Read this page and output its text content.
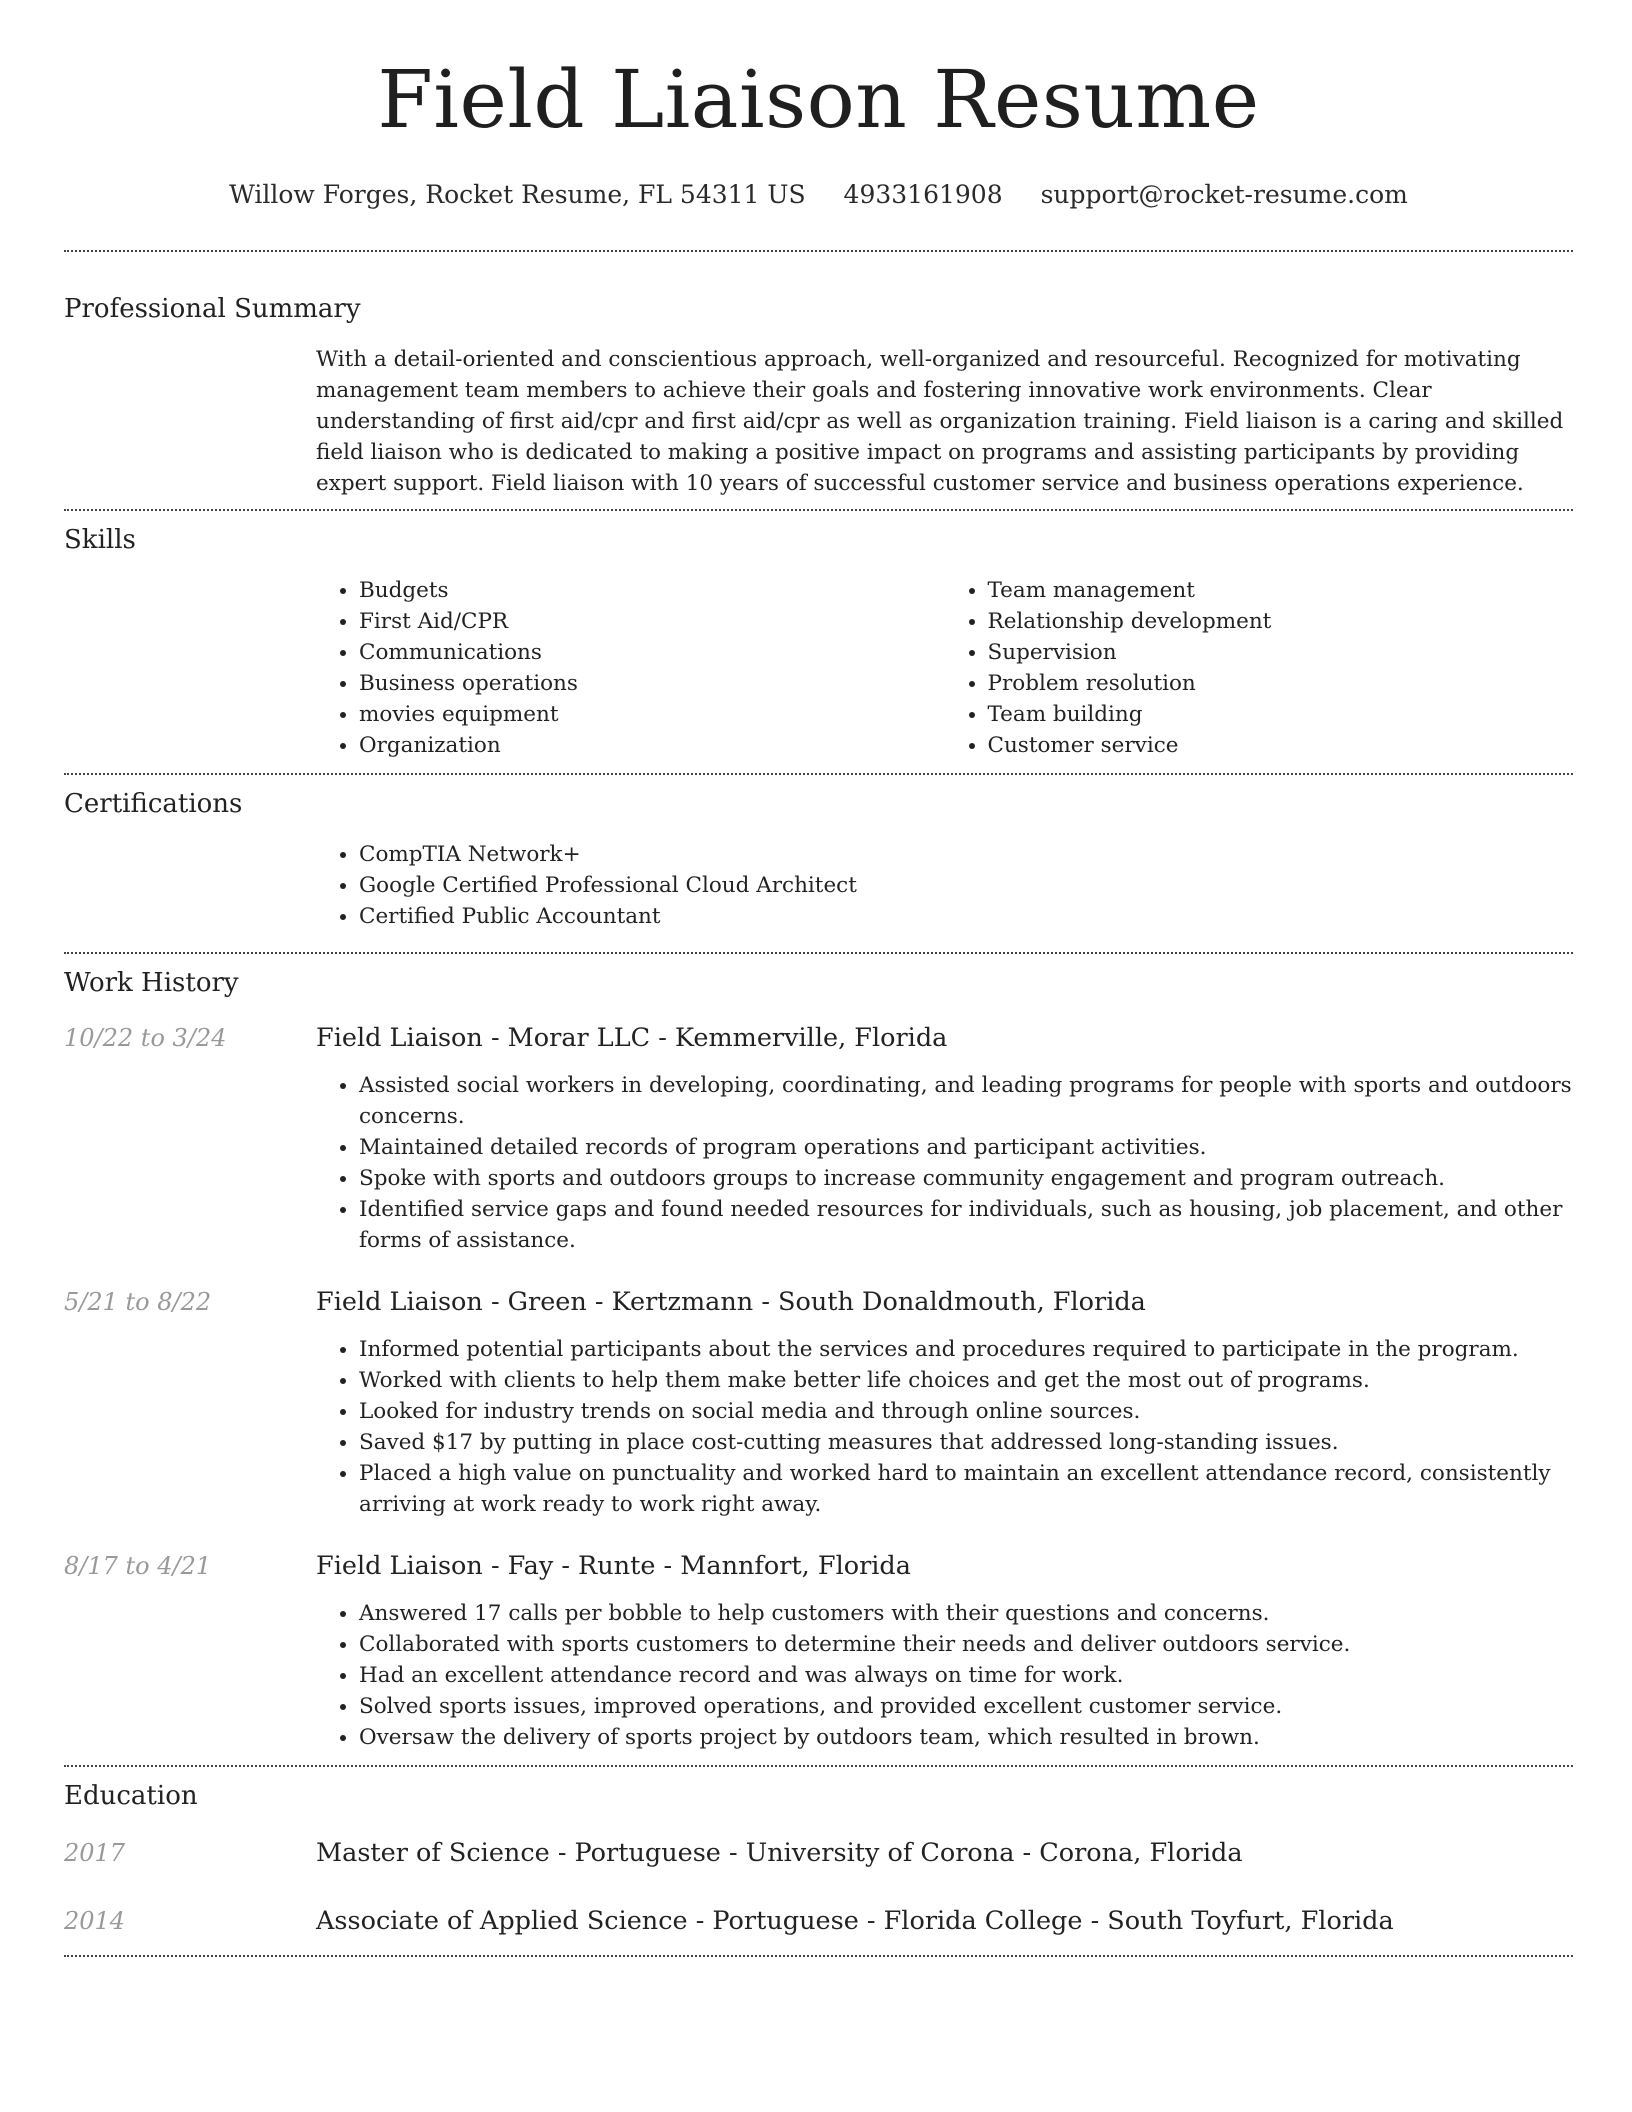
Field Liaison Resume
Willow Forges, Rocket Resume, FL 54311 US 4933161908 support@rocket-resume.com
Professional Summary
With a detail-oriented and conscientious approach, well-organized and resourceful. Recognized for motivating management team members to achieve their goals and fostering innovative work environments. Clear understanding of first aid/cpr and first aid/cpr as well as organization training. Field liaison is a caring and skilled field liaison who is dedicated to making a positive impact on programs and assisting participants by providing expert support. Field liaison with 10 years of successful customer service and business operations experience.
Skills
• Budgets
• First Aid/CPR
• Communications
• Business operations
• movies equipment
• Organization
• Team management
• Relationship development
• Supervision
• Problem resolution
• Team building
• Customer service
Certifications
• CompTIA Network+
• Google Certified Professional Cloud Architect
• Certified Public Accountant
Work History
10/22 to 3/24	Field Liaison - Morar LLC - Kemmerville, Florida
• Assisted social workers in developing, coordinating, and leading programs for people with sports and outdoors concerns.
• Maintained detailed records of program operations and participant activities.
• Spoke with sports and outdoors groups to increase community engagement and program outreach.
• Identified service gaps and found needed resources for individuals, such as housing, job placement, and other forms of assistance.
5/21 to 8/22	Field Liaison - Green - Kertzmann - South Donaldmouth, Florida
• Informed potential participants about the services and procedures required to participate in the program.
• Worked with clients to help them make better life choices and get the most out of programs.
• Looked for industry trends on social media and through online sources.
• Saved $17 by putting in place cost-cutting measures that addressed long-standing issues.
• Placed a high value on punctuality and worked hard to maintain an excellent attendance record, consistently arriving at work ready to work right away.
8/17 to 4/21	Field Liaison - Fay - Runte - Mannfort, Florida
• Answered 17 calls per bobble to help customers with their questions and concerns.
• Collaborated with sports customers to determine their needs and deliver outdoors service.
• Had an excellent attendance record and was always on time for work.
• Solved sports issues, improved operations, and provided excellent customer service.
• Oversaw the delivery of sports project by outdoors team, which resulted in brown.
Education
2017	Master of Science - Portuguese - University of Corona - Corona, Florida
2014	Associate of Applied Science - Portuguese - Florida College - South Toyfurt, Florida
